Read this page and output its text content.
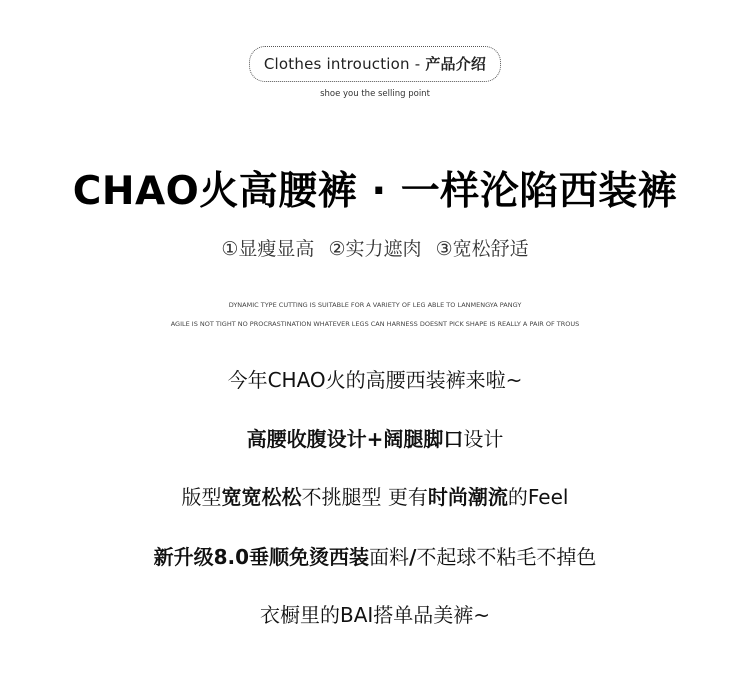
Clothes introuction - 产品介绍
shoe you the selling point
CHAO火高腰裤 · 一样沦陷西装裤
①显瘦显高 ②实力遮肉 ③宽松舒适
DYNAMIC TYPE CUTTING IS SUITABLE FOR A VARIETY OF LEG ABLE TO LANMENGYA PANGY
AGILE IS NOT TIGHT NO PROCRASTINATION WHATEVER LEGS CAN HARNESS DOESNT PICK SHAPE IS REALLY A PAIR OF TROUS
今年CHAO火的高腰西装裤来啦~
高腰收腹设计+阔腿脚口设计
版型宽宽松松不挑腿型 更有时尚潮流的Feel
新升级8.0垂顺免烫西装面料/不起球不粘毛不掉色
衣橱里的BAI搭单品美裤~
